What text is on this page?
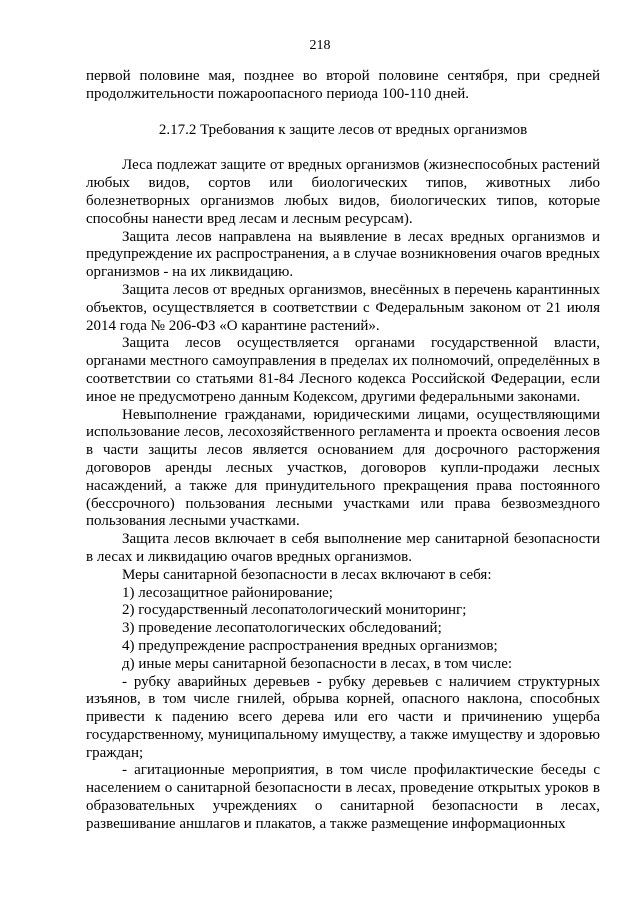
218

первой половине мая, позднее во второй половине сентября, при средней продолжительности пожароопасного периода 100-110 дней.

2.17.2 Требования к защите лесов от вредных организмов

Леса подлежат защите от вредных организмов (жизнеспособных растений любых видов, сортов или биологических типов, животных либо болезнетворных организмов любых видов, биологических типов, которые способны нанести вред лесам и лесным ресурсам).

Защита лесов направлена на выявление в лесах вредных организмов и предупреждение их распространения, а в случае возникновения очагов вредных организмов - на их ликвидацию.

Защита лесов от вредных организмов, внесённых в перечень карантинных объектов, осуществляется в соответствии с Федеральным законом от 21 июля 2014 года № 206-ФЗ «О карантине растений».

Защита лесов осуществляется органами государственной власти, органами местного самоуправления в пределах их полномочий, определённых в соответствии со статьями 81-84 Лесного кодекса Российской Федерации, если иное не предусмотрено данным Кодексом, другими федеральными законами.

Невыполнение гражданами, юридическими лицами, осуществляющими использование лесов, лесохозяйственного регламента и проекта освоения лесов в части защиты лесов является основанием для досрочного расторжения договоров аренды лесных участков, договоров купли-продажи лесных насаждений, а также для принудительного прекращения права постоянного (бессрочного) пользования лесными участками или права безвозмездного пользования лесными участками.

Защита лесов включает в себя выполнение мер санитарной безопасности в лесах и ликвидацию очагов вредных организмов.

Меры санитарной безопасности в лесах включают в себя:

1) лесозащитное районирование;

2) государственный лесопатологический мониторинг;

3) проведение лесопатологических обследований;

4) предупреждение распространения вредных организмов;

д) иные меры санитарной безопасности в лесах, в том числе:

- рубку аварийных деревьев - рубку деревьев с наличием структурных изъянов, в том числе гнилей, обрыва корней, опасного наклона, способных привести к падению всего дерева или его части и причинению ущерба государственному, муниципальному имуществу, а также имуществу и здоровью граждан;

- агитационные мероприятия, в том числе профилактические беседы с населением о санитарной безопасности в лесах, проведение открытых уроков в образовательных учреждениях о санитарной безопасности в лесах, развешивание аншлагов и плакатов, а также размещение информационных
